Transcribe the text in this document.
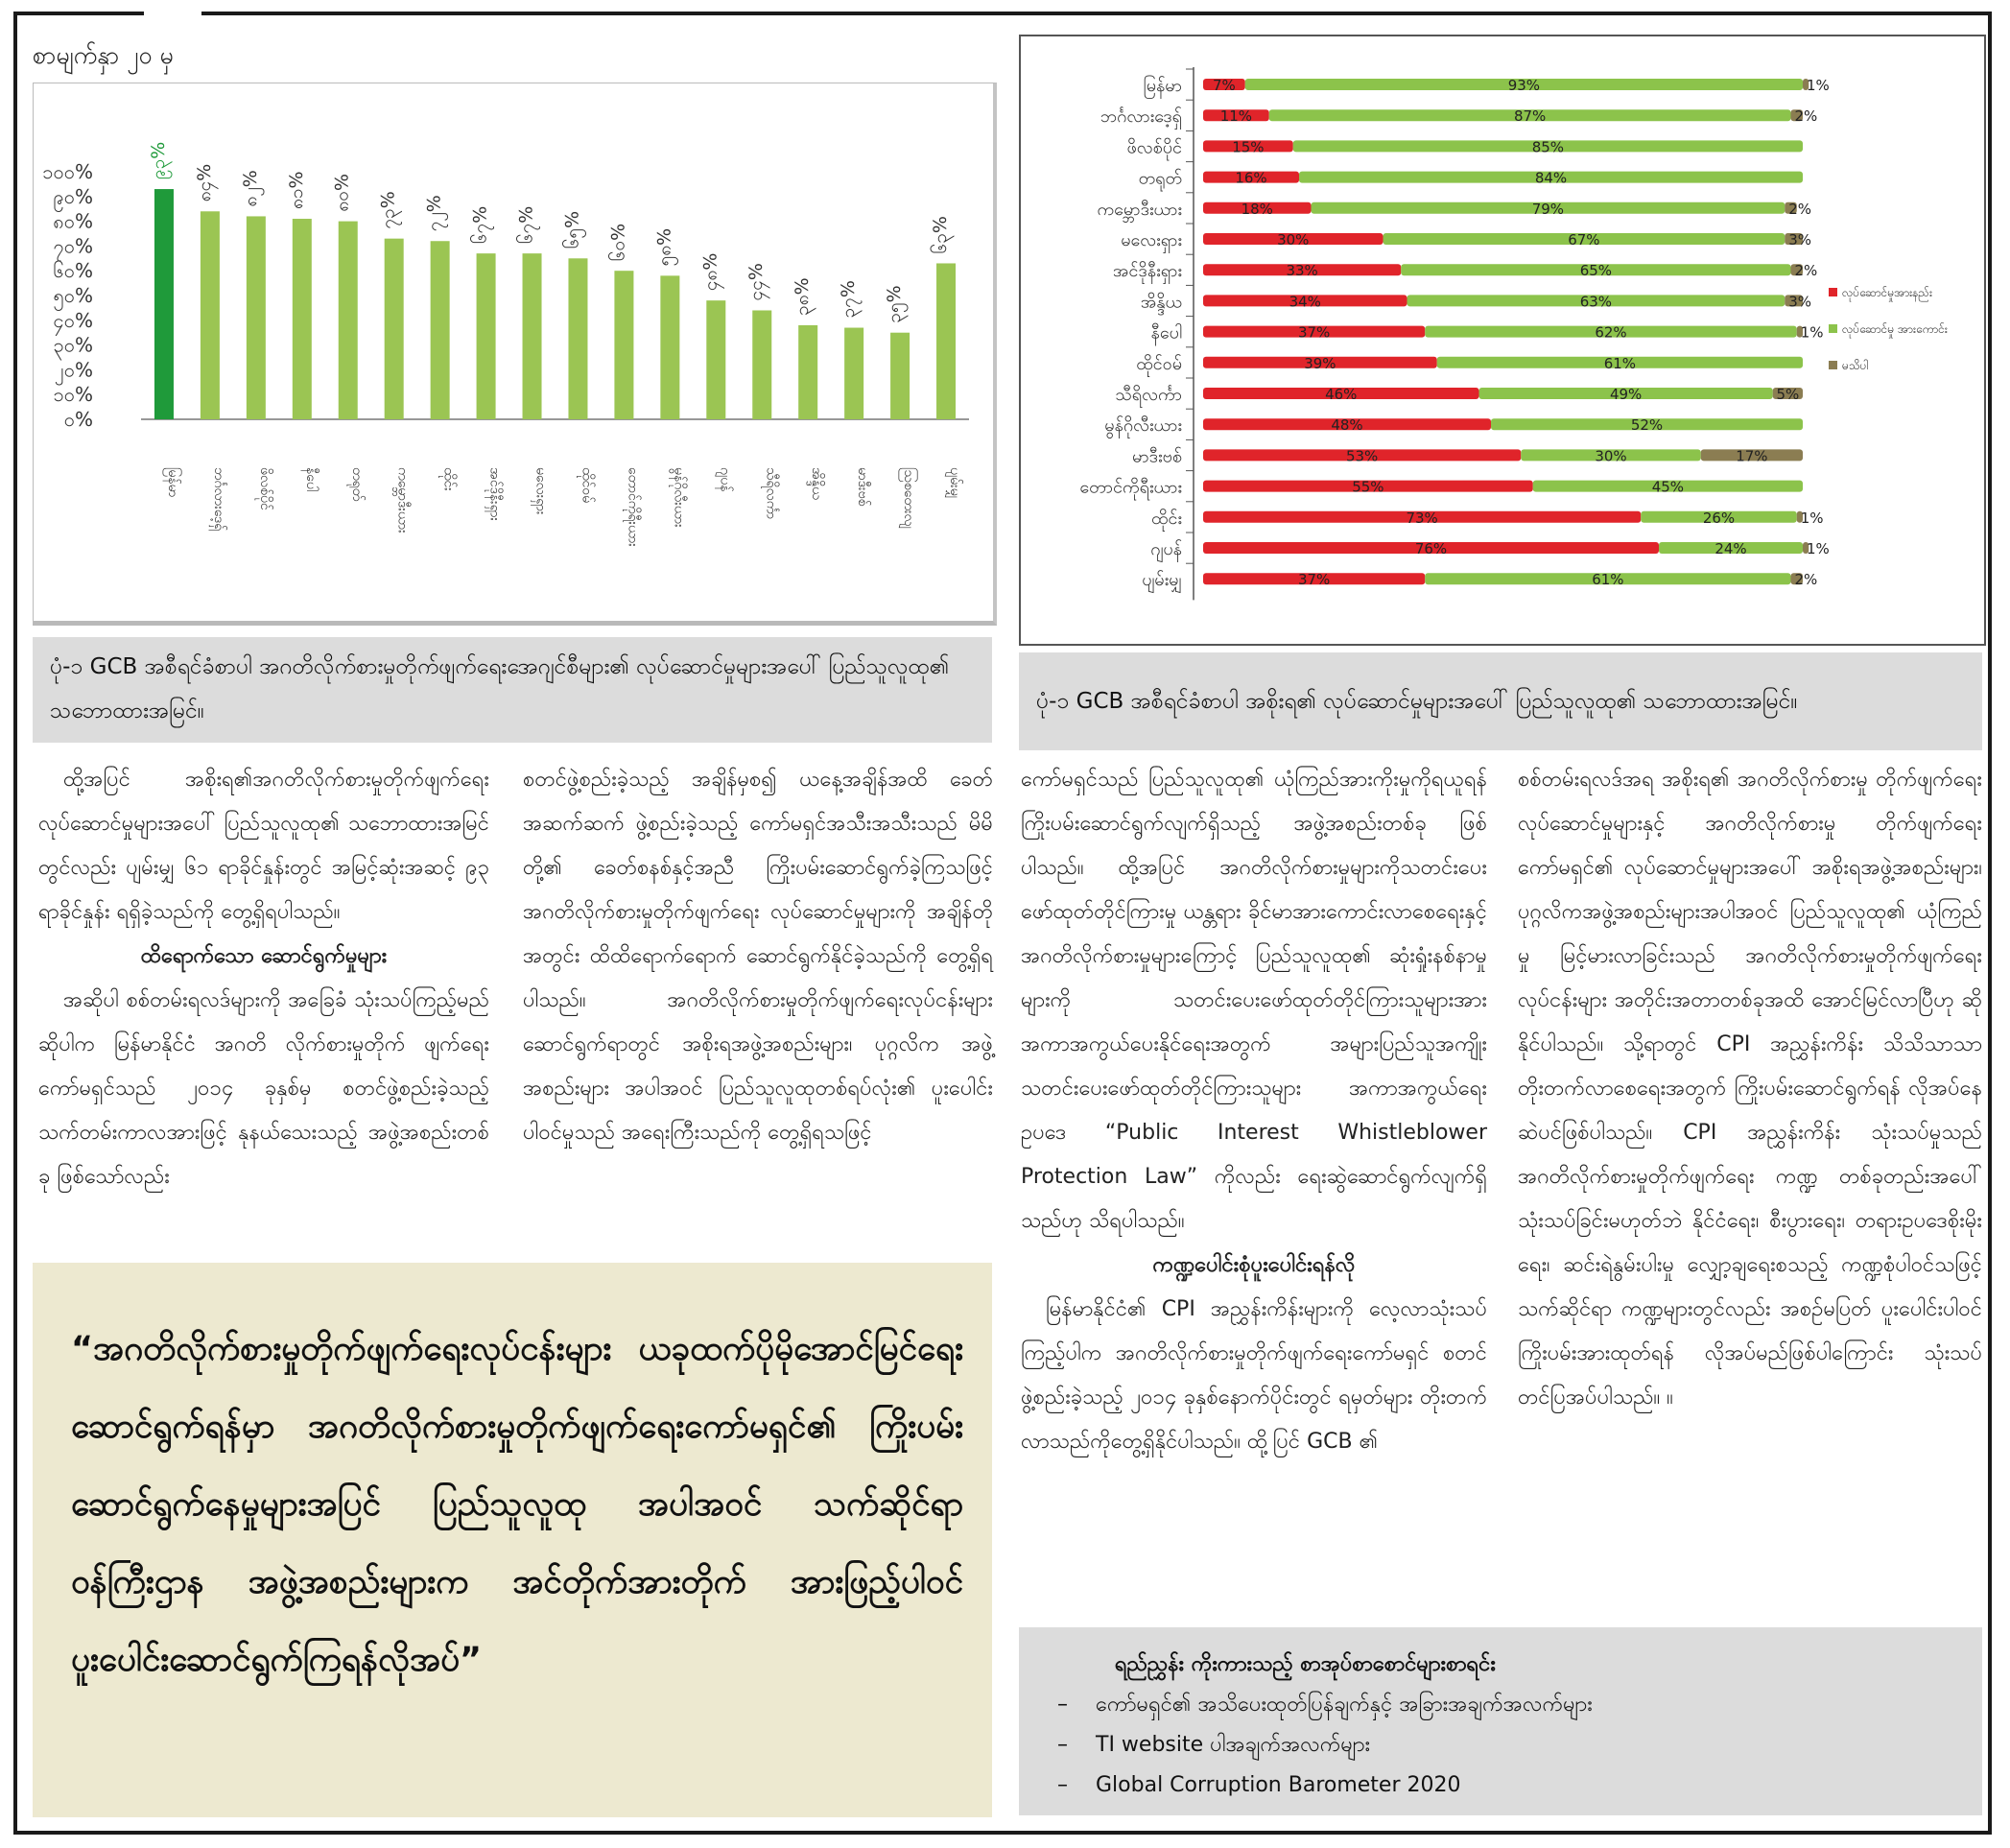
စာမျက်နှာ ၂၀ မှ
၁၀၀%
၉၀%
၈၀%
၇၀%
၆၀%
၅၀%
၄၀%
၃၀%
၂၀%
၁၀%
၀%
၉၃%
မြန်မာ
၈၄%
ဘင်္ဂလားဒေ့ရှ်
၈၂%
ဖိလစ်ပိုင်
၈၁%
နီပေါ
၈၀%
တရုတ်
၇၃%
ကမ္ဘောဒီးယား
၇၂%
ထိုင်း
၆၇%
အင်ဒိုနီးရှား
၆၇%
မလေးရှား
၆၅%
ထိုင်ဝမ်
၆၀%
တောင်ကိုရီးယား
၅၈%
မွန်ဂိုလီးယား
၄၈%
ဂျပန်
၄၄%
သီရိလင်္ကာ
၃၈%
အိန္ဒိယ
၃၇%
မာဒီးဗစ်
၃၅%
သြစတေးလျ
၆၃%
ပျမ်းမျှ
မြန်မာ 7%	93%	1%
ဘင်္ဂလားဒေ့ရှ်	11%	87%	2%
ဖိလစ်ပိုင်	15%	85%
တရုတ်	16%	84%
ကမ္ဘောဒီးယား	18%	79%	2%
မလေးရှား	30%	67%	3%
အင်ဒိုနီးရှား	33%	65%	2%
အိန္ဒိယ	34%	63%	3%
နီပေါ	37%	62%	1%
ထိုင်ဝမ်	39%	61%
သီရိလင်္ကာ	46%	49%	5%
မွန်ဂိုလီးယား	48%	52%
မာဒီးဗစ်	53%	30%	17%
တောင်ကိုရီးယား	55%	45%
ထိုင်း	73%	26%	1%
ဂျပန်	76%	24%	1%
ပျမ်းမျှ	37%	61%	2%
လုပ်ဆောင်မှုအားနည်း
လုပ်ဆောင်မှု အားကောင်း
မသိပါ
ပုံ-၁ GCB အစီရင်ခံစာပါ အဂတိလိုက်စားမှုတိုက်ဖျက်ရေးအေဂျင်စီများ၏ လုပ်ဆောင်မှုများအပေါ် ပြည်သူလူထု၏ သဘောထားအမြင်။	ပုံ-၁ GCB အစီရင်ခံစာပါ အစိုးရ၏ လုပ်ဆောင်မှုများအပေါ် ပြည်သူလူထု၏ သဘောထားအမြင်။

ထို့အပြင် အစိုးရ၏အဂတိလိုက်စားမှုတိုက်ဖျက်ရေးလုပ်ဆောင်မှုများအပေါ် ပြည်သူလူထု၏ သဘောထားအမြင်တွင်လည်း ပျမ်းမျှ ၆၁ ရာခိုင်နှုန်းတွင် အမြင့်ဆုံးအဆင့် ၉၃ ရာခိုင်နှုန်း ရရှိခဲ့သည်ကို တွေ့ရှိရပါသည်။

ထိရောက်သော ဆောင်ရွက်မှုများ

အဆိုပါ စစ်တမ်းရလဒ်များကို အခြေခံ သုံးသပ်ကြည့်မည်ဆိုပါက မြန်မာနိုင်ငံ အဂတိ လိုက်စားမှုတိုက် ဖျက်ရေးကော်မရှင်သည် ၂၀၁၄ ခုနှစ်မှ စတင်ဖွဲ့စည်းခဲ့သည့် သက်တမ်းကာလအားဖြင့် နုနယ်သေးသည့် အဖွဲ့အစည်းတစ်ခု ဖြစ်သော်လည်း

စတင်ဖွဲ့စည်းခဲ့သည့် အချိန်မှစ၍ ယနေ့အချိန်အထိ ခေတ်အဆက်ဆက် ဖွဲ့စည်းခဲ့သည့် ကော်မရှင်အသီးအသီးသည် မိမိတို့၏ ခေတ်စနစ်နှင့်အညီ ကြိုးပမ်းဆောင်ရွက်ခဲ့ကြသဖြင့် အဂတိလိုက်စားမှုတိုက်ဖျက်ရေး လုပ်ဆောင်မှုများကို အချိန်တိုအတွင်း ထိထိရောက်ရောက် ဆောင်ရွက်နိုင်ခဲ့သည်ကို တွေ့ရှိရပါသည်။ အဂတိလိုက်စားမှုတိုက်ဖျက်ရေးလုပ်ငန်းများ ဆောင်ရွက်ရာတွင် အစိုးရအဖွဲ့အစည်းများ၊ ပုဂ္ဂလိက အဖွဲ့အစည်းများ အပါအဝင် ပြည်သူလူထုတစ်ရပ်လုံး၏ ပူးပေါင်း ပါဝင်မှုသည် အရေးကြီးသည်ကို တွေ့ရှိရသဖြင့်

ကော်မရှင်သည် ပြည်သူလူထု၏ ယုံကြည်အားကိုးမှုကိုရယူရန် ကြိုးပမ်းဆောင်ရွက်လျက်ရှိသည့် အဖွဲ့အစည်းတစ်ခု ဖြစ်ပါသည်။ ထို့အပြင် အဂတိလိုက်စားမှုများကိုသတင်းပေးဖော်ထုတ်တိုင်ကြားမှု ယန္တရား ခိုင်မာအားကောင်းလာစေရေးနှင့် အဂတိလိုက်စားမှုများကြောင့် ပြည်သူလူထု၏ ဆုံးရှုံးနစ်နာမှုများကို သတင်းပေးဖော်ထုတ်တိုင်ကြားသူများအား အကာအကွယ်ပေးနိုင်ရေးအတွက် အများပြည်သူအကျိုး သတင်းပေးဖော်ထုတ်တိုင်ကြားသူများ အကာအကွယ်ရေးဥပဒေ “Public Interest Whistleblower Protection Law” ကိုလည်း ရေးဆွဲဆောင်ရွက်လျက်ရှိသည်ဟု သိရပါသည်။

ကဏ္ဍပေါင်းစုံပူးပေါင်းရန်လို

မြန်မာနိုင်ငံ၏ CPI အညွှန်းကိန်းများကို လေ့လာသုံးသပ်ကြည့်ပါက အဂတိလိုက်စားမှုတိုက်ဖျက်ရေးကော်မရှင် စတင်ဖွဲ့စည်းခဲ့သည့် ၂၀၁၄ ခုနှစ်နောက်ပိုင်းတွင် ရမှတ်များ တိုးတက်လာသည်ကိုတွေ့ရှိနိုင်ပါသည်။ ထို့ပြင် GCB ၏

စစ်တမ်းရလဒ်အရ အစိုးရ၏ အဂတိလိုက်စားမှု တိုက်ဖျက်ရေးလုပ်ဆောင်မှုများနှင့် အဂတိလိုက်စားမှု တိုက်ဖျက်ရေးကော်မရှင်၏ လုပ်ဆောင်မှုများအပေါ် အစိုးရအဖွဲ့အစည်းများ၊ ပုဂ္ဂလိကအဖွဲ့အစည်းများအပါအဝင် ပြည်သူလူထု၏ ယုံကြည်မှု မြင့်မားလာခြင်းသည် အဂတိလိုက်စားမှုတိုက်ဖျက်ရေးလုပ်ငန်းများ အတိုင်းအတာတစ်ခုအထိ အောင်မြင်လာပြီဟု ဆိုနိုင်ပါသည်။ သို့ရာတွင် CPI အညွှန်းကိန်း သိသိသာသာ တိုးတက်လာစေရေးအတွက် ကြိုးပမ်းဆောင်ရွက်ရန် လိုအပ်နေဆဲပင်ဖြစ်ပါသည်။ CPI အညွှန်းကိန်း သုံးသပ်မှုသည် အဂတိလိုက်စားမှုတိုက်ဖျက်ရေး ကဏ္ဍ တစ်ခုတည်းအပေါ် သုံးသပ်ခြင်းမဟုတ်ဘဲ နိုင်ငံရေး၊ စီးပွားရေး၊ တရားဥပဒေစိုးမိုးရေး၊ ဆင်းရဲနွမ်းပါးမှု လျှော့ချရေးစသည့် ကဏ္ဍစုံပါဝင်သဖြင့် သက်ဆိုင်ရာ ကဏ္ဍများတွင်လည်း အစဉ်မပြတ် ပူးပေါင်းပါဝင် ကြိုးပမ်းအားထုတ်ရန် လိုအပ်မည်ဖြစ်ပါကြောင်း သုံးသပ်တင်ပြအပ်ပါသည်။ ။

“အဂတိလိုက်စားမှုတိုက်ဖျက်ရေးလုပ်ငန်းများ ယခုထက်ပိုမိုအောင်မြင်ရေးဆောင်ရွက်ရန်မှာ အဂတိလိုက်စားမှုတိုက်ဖျက်ရေးကော်မရှင်၏ ကြိုးပမ်းဆောင်ရွက်နေမှုများအပြင် ပြည်သူလူထု အပါအဝင် သက်ဆိုင်ရာဝန်ကြီးဌာန အဖွဲ့အစည်းများက အင်တိုက်အားတိုက် အားဖြည့်ပါဝင် ပူးပေါင်းဆောင်ရွက်ကြရန်လိုအပ်”	ရည်ညွှန်း ကိုးကားသည့် စာအုပ်စာစောင်များစာရင်း
– ကော်မရှင်၏ အသိပေးထုတ်ပြန်ချက်နှင့် အခြားအချက်အလက်များ
– TI website ပါအချက်အလက်များ
– Global Corruption Barometer 2020
